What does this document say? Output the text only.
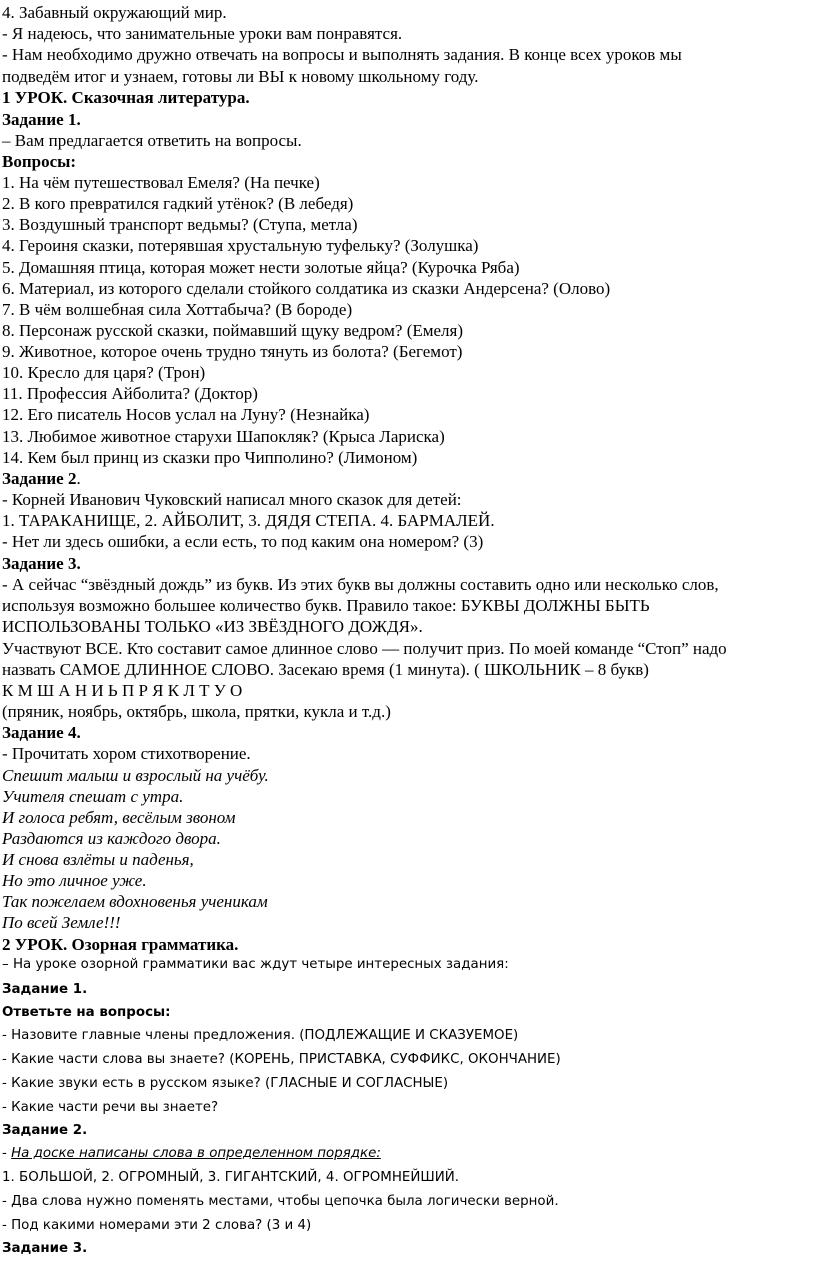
4. Забавный окружающий мир.
- Я надеюсь, что занимательные уроки вам понравятся.
- Нам необходимо дружно отвечать на вопросы и выполнять задания. В конце всех уроков мы
подведём итог и узнаем, готовы ли ВЫ к новому школьному году.
1 УРОК. Сказочная литература.
Задание 1.
– Вам предлагается ответить на вопросы.
Вопросы:
1. На чём путешествовал Емеля? (На печке)
2. В кого превратился гадкий утёнок? (В лебедя)
3. Воздушный транспорт ведьмы? (Ступа, метла)
4. Героиня сказки, потерявшая хрустальную туфельку? (Золушка)
5. Домашняя птица, которая может нести золотые яйца? (Курочка Ряба)
6. Материал, из которого сделали стойкого солдатика из сказки Андерсена? (Олово)
7. В чём волшебная сила Хоттабыча? (В бороде)
8. Персонаж русской сказки, поймавший щуку ведром? (Емеля)
9. Животное, которое очень трудно тянуть из болота? (Бегемот)
10. Кресло для царя? (Трон)
11. Профессия Айболита? (Доктор)
12. Его писатель Носов услал на Луну? (Незнайка)
13. Любимое животное старухи Шапокляк? (Крыса Лариска)
14. Кем был принц из сказки про Чипполино? (Лимоном)
Задание 2.
- Корней Иванович Чуковский написал много сказок для детей:
1. ТАРАКАНИЩЕ, 2. АЙБОЛИТ, 3. ДЯДЯ СТЕПА. 4. БАРМАЛЕЙ.
- Нет ли здесь ошибки, а если есть, то под каким она номером? (3)
Задание 3.
- А сейчас “звёздный дождь” из букв. Из этих букв вы должны составить одно или несколько слов,
используя возможно большее количество букв. Правило такое: БУКВЫ ДОЛЖНЫ БЫТЬ
ИСПОЛЬЗОВАНЫ ТОЛЬКО «ИЗ ЗВЁЗДНОГО ДОЖДЯ».
Участвуют ВСЕ. Кто составит самое длинное слово — получит приз. По моей команде “Стоп” надо
назвать САМОЕ ДЛИННОЕ СЛОВО. Засекаю время (1 минута). ( ШКОЛЬНИК – 8 букв)
К М Ш А Н И Ь П Р Я К Л Т У О
(пряник, ноябрь, октябрь, школа, прятки, кукла и т.д.)
Задание 4.
- Прочитать хором стихотворение.
Спешит малыш и взрослый на учёбу.
Учителя спешат с утра.
И голоса ребят, весёлым звоном
Раздаются из каждого двора.
И снова взлёты и паденья,
Но это личное уже.
Так пожелаем вдохновенья ученикам
По всей Земле!!!
2 УРОК. Озорная грамматика.
– На уроке озорной грамматики вас ждут четыре интересных задания:
Задание 1.
Ответьте на вопросы:
- Назовите главные члены предложения. (ПОДЛЕЖАЩИЕ И СКАЗУЕМОЕ)
- Какие части слова вы знаете? (КОРЕНЬ, ПРИСТАВКА, СУФФИКС, ОКОНЧАНИЕ)
- Какие звуки есть в русском языке? (ГЛАСНЫЕ И СОГЛАСНЫЕ)
- Какие части речи вы знаете?
Задание 2.
- На доске написаны слова в определенном порядке:
1. БОЛЬШОЙ, 2. ОГРОМНЫЙ, 3. ГИГАНТСКИЙ, 4. ОГРОМНЕЙШИЙ.
- Два слова нужно поменять местами, чтобы цепочка была логически верной.
- Под какими номерами эти 2 слова? (3 и 4)
Задание 3.
